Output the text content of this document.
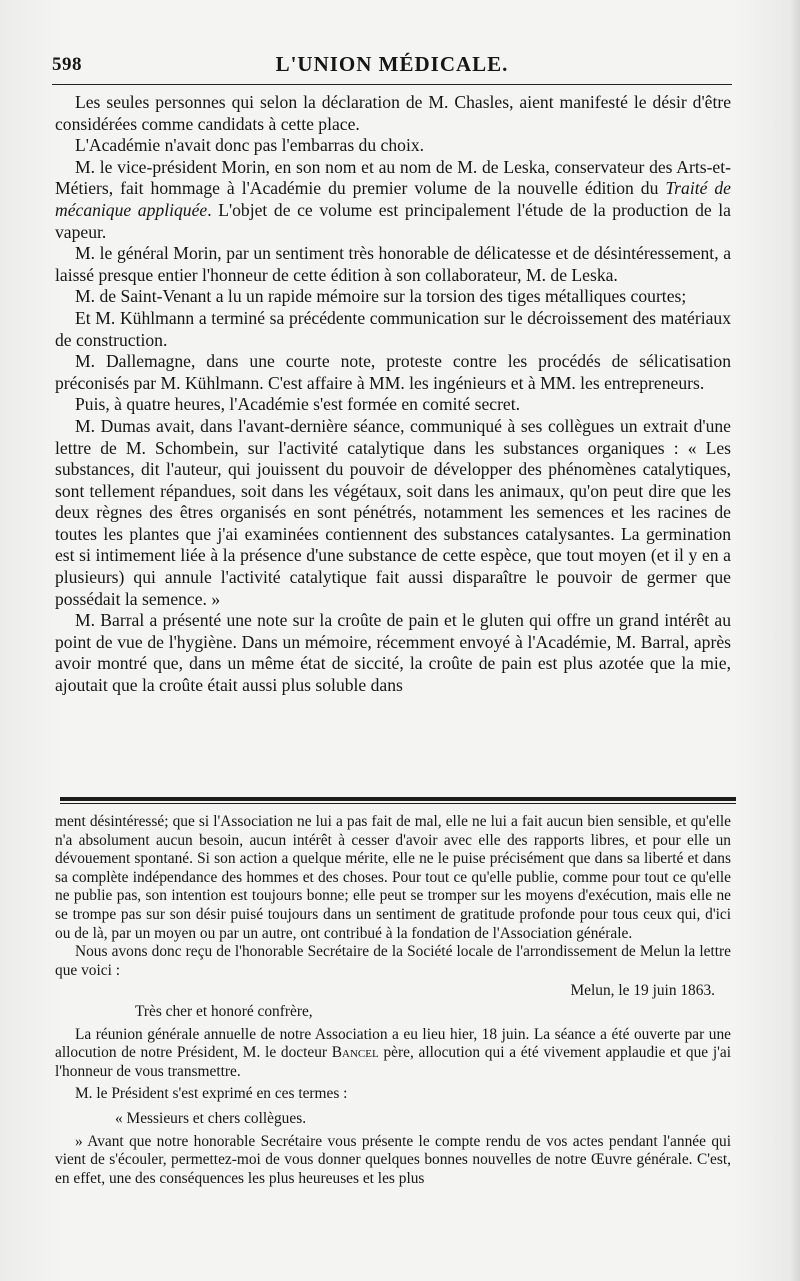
598	L'UNION MÉDICALE.

Les seules personnes qui selon la déclaration de M. Chasles, aient manifesté le désir d'être considérées comme candidats à cette place.

L'Académie n'avait donc pas l'embarras du choix.

M. le vice-président Morin, en son nom et au nom de M. de Leska, conservateur des Arts-et-Métiers, fait hommage à l'Académie du premier volume de la nouvelle édition du Traité de mécanique appliquée. L'objet de ce volume est principalement l'étude de la production de la vapeur.

M. le général Morin, par un sentiment très honorable de délicatesse et de désintéressement, a laissé presque entier l'honneur de cette édition à son collaborateur, M. de Leska.

M. de Saint-Venant a lu un rapide mémoire sur la torsion des tiges métalliques courtes;

Et M. Kühlmann a terminé sa précédente communication sur le décroissement des matériaux de construction.

M. Dallemagne, dans une courte note, proteste contre les procédés de sélicatisation préconisés par M. Kühlmann. C'est affaire à MM. les ingénieurs et à MM. les entrepreneurs.

Puis, à quatre heures, l'Académie s'est formée en comité secret.

M. Dumas avait, dans l'avant-dernière séance, communiqué à ses collègues un extrait d'une lettre de M. Schombein, sur l'activité catalytique dans les substances organiques : « Les substances, dit l'auteur, qui jouissent du pouvoir de développer des phénomènes catalytiques, sont tellement répandues, soit dans les végétaux, soit dans les animaux, qu'on peut dire que les deux règnes des êtres organisés en sont pénétrés, notamment les semences et les racines de toutes les plantes que j'ai examinées contiennent des substances catalysantes. La germination est si intimement liée à la présence d'une substance de cette espèce, que tout moyen (et il y en a plusieurs) qui annule l'activité catalytique fait aussi disparaître le pouvoir de germer que possédait la semence. »

M. Barral a présenté une note sur la croûte de pain et le gluten qui offre un grand intérêt au point de vue de l'hygiène. Dans un mémoire, récemment envoyé à l'Académie, M. Barral, après avoir montré que, dans un même état de siccité, la croûte de pain est plus azotée que la mie, ajoutait que la croûte était aussi plus soluble dans

ment désintéressé; que si l'Association ne lui a pas fait de mal, elle ne lui a fait aucun bien sensible, et qu'elle n'a absolument aucun besoin, aucun intérêt à cesser d'avoir avec elle des rapports libres, et pour elle un dévouement spontané. Si son action a quelque mérite, elle ne le puise précisément que dans sa liberté et dans sa complète indépendance des hommes et des choses. Pour tout ce qu'elle publie, comme pour tout ce qu'elle ne publie pas, son intention est toujours bonne; elle peut se tromper sur les moyens d'exécution, mais elle ne se trompe pas sur son désir puisé toujours dans un sentiment de gratitude profonde pour tous ceux qui, d'ici ou de là, par un moyen ou par un autre, ont contribué à la fondation de l'Association générale.

Nous avons donc reçu de l'honorable Secrétaire de la Société locale de l'arrondissement de Melun la lettre que voici :

Melun, le 19 juin 1863.

Très cher et honoré confrère,

La réunion générale annuelle de notre Association a eu lieu hier, 18 juin. La séance a été ouverte par une allocution de notre Président, M. le docteur Bancel père, allocution qui a été vivement applaudie et que j'ai l'honneur de vous transmettre.

M. le Président s'est exprimé en ces termes :

« Messieurs et chers collègues.

» Avant que notre honorable Secrétaire vous présente le compte rendu de vos actes pendant l'année qui vient de s'écouler, permettez-moi de vous donner quelques bonnes nouvelles de notre Œuvre générale. C'est, en effet, une des conséquences les plus heureuses et les plus
